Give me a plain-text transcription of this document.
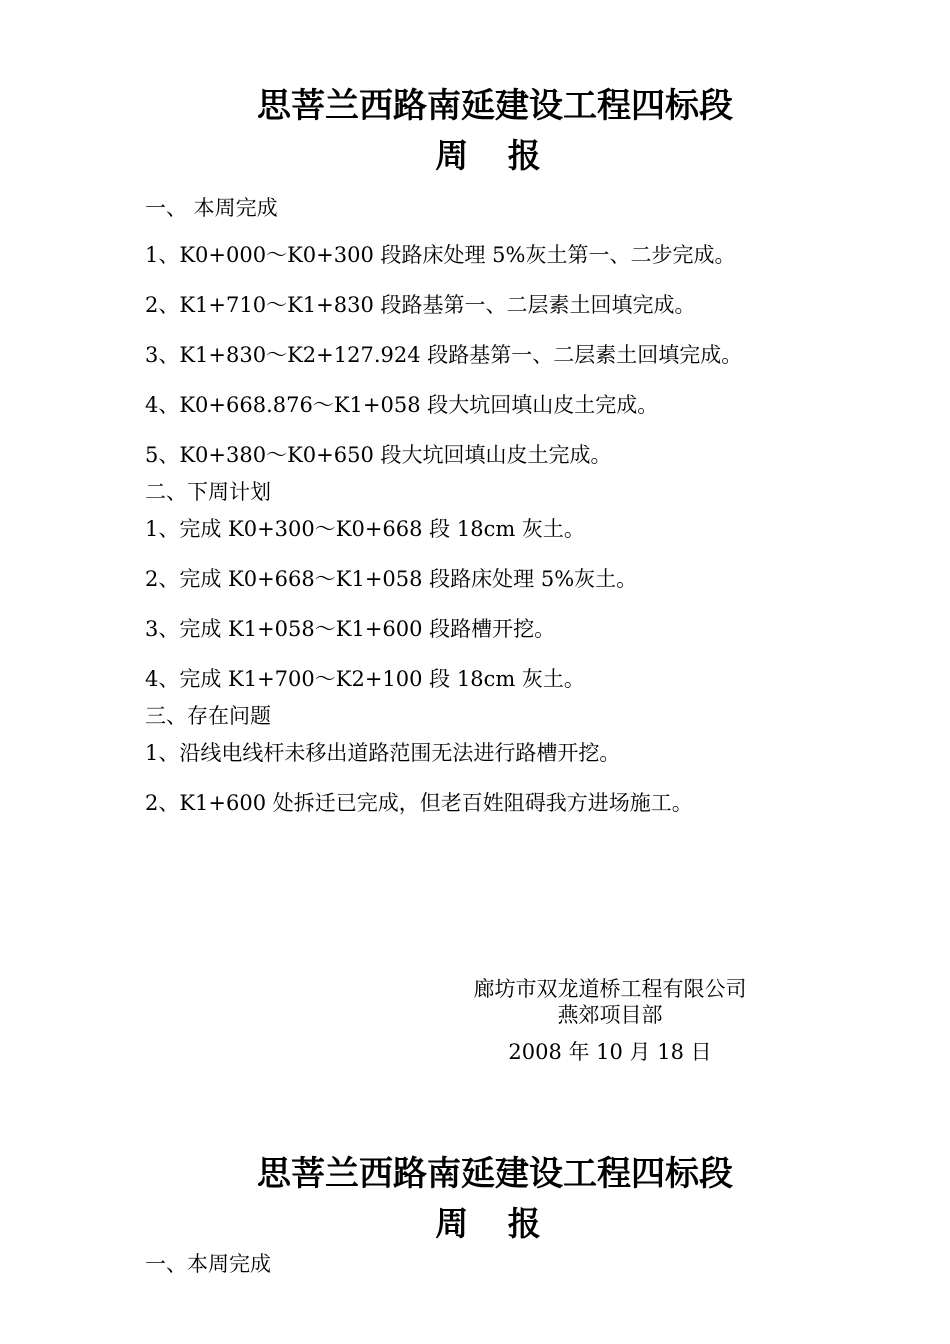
思菩兰西路南延建设工程四标段
周 报
一、 本周完成
1、K0+000～K0+300 段路床处理 5%灰土第一、二步完成。
2、K1+710～K1+830 段路基第一、二层素土回填完成。
3、K1+830～K2+127.924 段路基第一、二层素土回填完成。
4、K0+668.876～K1+058 段大坑回填山皮土完成。
5、K0+380～K0+650 段大坑回填山皮土完成。
二、下周计划
1、完成 K0+300～K0+668 段 18cm 灰土。
2、完成 K0+668～K1+058 段路床处理 5%灰土。
3、完成 K1+058～K1+600 段路槽开挖。
4、完成 K1+700～K2+100 段 18cm 灰土。
三、存在问题
1、沿线电线杆未移出道路范围无法进行路槽开挖。
2、K1+600 处拆迁已完成，但老百姓阻碍我方进场施工。
廊坊市双龙道桥工程有限公司
燕郊项目部
2008 年 10 月 18 日
思菩兰西路南延建设工程四标段
周 报
一、本周完成
